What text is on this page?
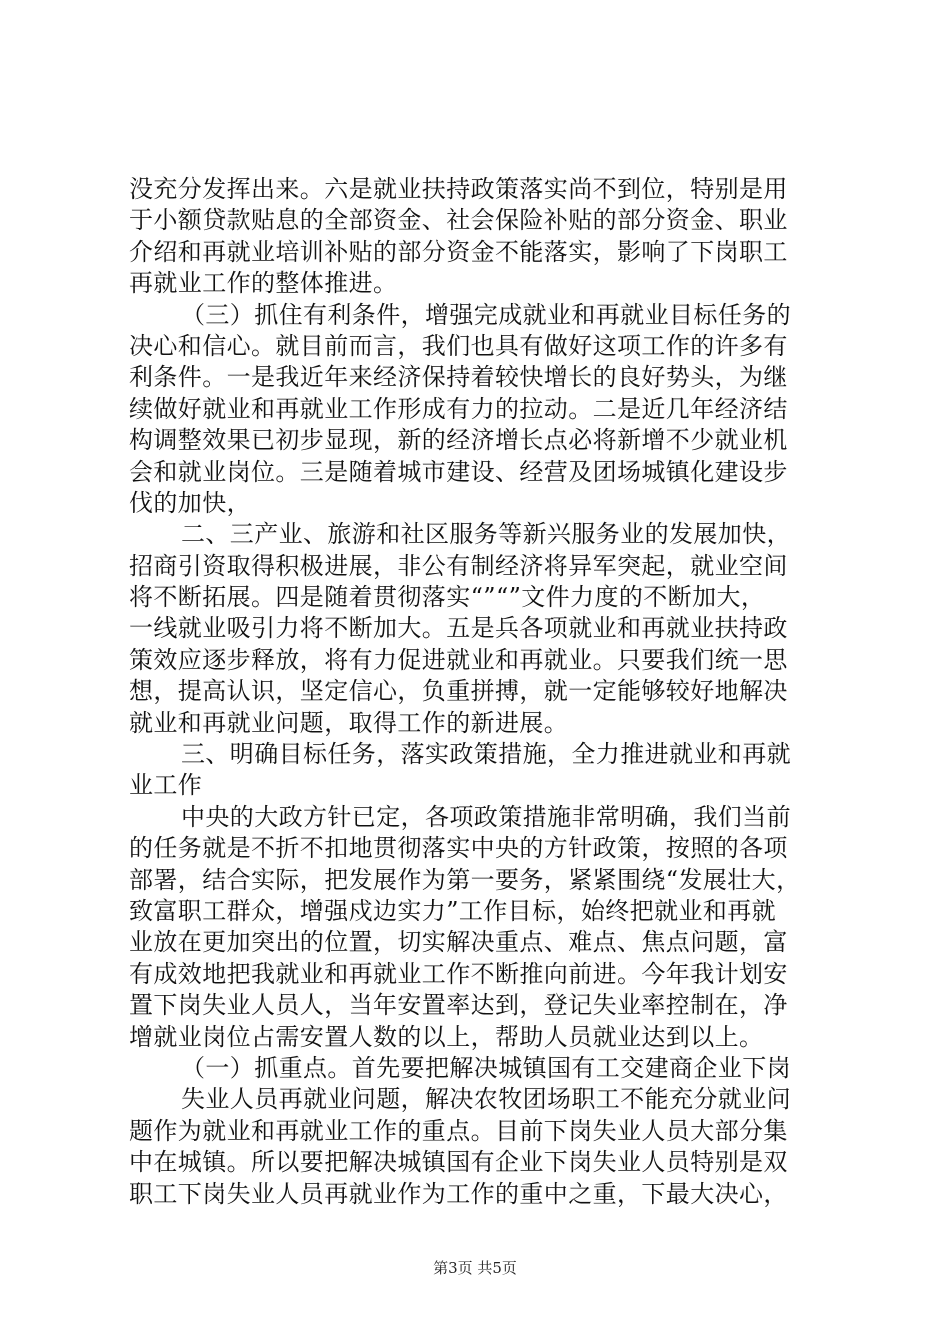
没充分发挥出来。六是就业扶持政策落实尚不到位，特别是用
于小额贷款贴息的全部资金、社会保险补贴的部分资金、职业
介绍和再就业培训补贴的部分资金不能落实，影响了下岗职工
再就业工作的整体推进。
（三）抓住有利条件，增强完成就业和再就业目标任务的
决心和信心。就目前而言，我们也具有做好这项工作的许多有
利条件。一是我近年来经济保持着较快增长的良好势头，为继
续做好就业和再就业工作形成有力的拉动。二是近几年经济结
构调整效果已初步显现，新的经济增长点必将新增不少就业机
会和就业岗位。三是随着城市建设、经营及团场城镇化建设步
伐的加快，
二、三产业、旅游和社区服务等新兴服务业的发展加快，
招商引资取得积极进展，非公有制经济将异军突起，就业空间
将不断拓展。四是随着贯彻落实“”“”文件力度的不断加大，
一线就业吸引力将不断加大。五是兵各项就业和再就业扶持政
策效应逐步释放，将有力促进就业和再就业。只要我们统一思
想，提高认识，坚定信心，负重拼搏，就一定能够较好地解决
就业和再就业问题，取得工作的新进展。
三、明确目标任务，落实政策措施，全力推进就业和再就
业工作
中央的大政方针已定，各项政策措施非常明确，我们当前
的任务就是不折不扣地贯彻落实中央的方针政策，按照的各项
部署，结合实际，把发展作为第一要务，紧紧围绕“发展壮大，
致富职工群众，增强戍边实力”工作目标，始终把就业和再就
业放在更加突出的位置，切实解决重点、难点、焦点问题，富
有成效地把我就业和再就业工作不断推向前进。今年我计划安
置下岗失业人员人，当年安置率达到，登记失业率控制在，净
增就业岗位占需安置人数的以上，帮助人员就业达到以上。
（一）抓重点。首先要把解决城镇国有工交建商企业下岗
失业人员再就业问题，解决农牧团场职工不能充分就业问
题作为就业和再就业工作的重点。目前下岗失业人员大部分集
中在城镇。所以要把解决城镇国有企业下岗失业人员特别是双
职工下岗失业人员再就业作为工作的重中之重，下最大决心，
第3页 共5页
